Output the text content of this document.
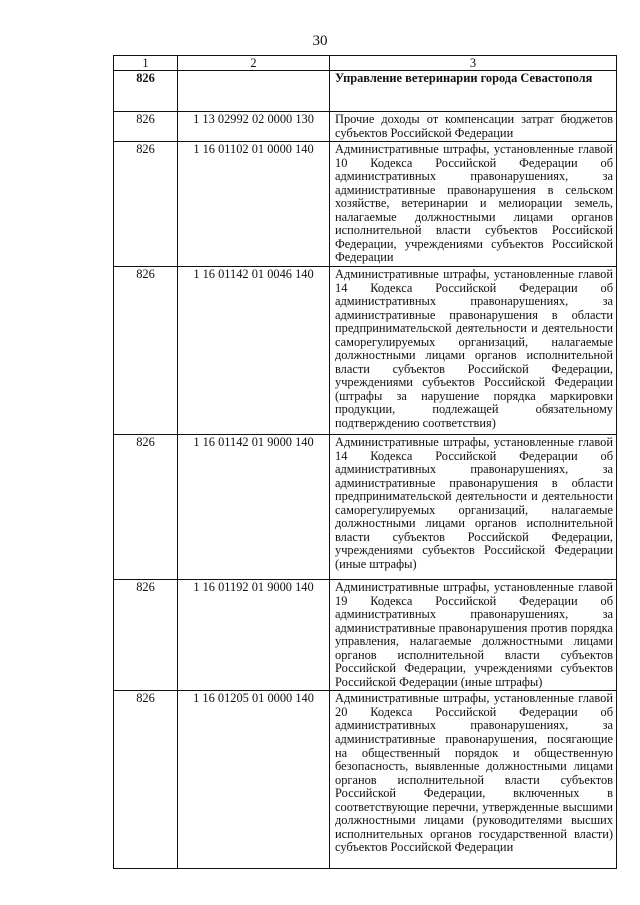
30
1	2	3
826		Управление ветеринарии города Севастополя
826	1 13 02992 02 0000 130	Прочие доходы от компенсации затрат бюджетов субъектов Российской Федерации
826	1 16 01102 01 0000 140	Административные штрафы, установленные главой 10 Кодекса Российской Федерации об административных правонарушениях, за административные правонарушения в сельском хозяйстве, ветеринарии и мелиорации земель, налагаемые должностными лицами органов исполнительной власти субъектов Российской Федерации, учреждениями субъектов Российской Федерации
826	1 16 01142 01 0046 140	Административные штрафы, установленные главой 14 Кодекса Российской Федерации об административных правонарушениях, за административные правонарушения в области предпринимательской деятельности и деятельности саморегулируемых организаций, налагаемые должностными лицами органов исполнительной власти субъектов Российской Федерации, учреждениями субъектов Российской Федерации (штрафы за нарушение порядка маркировки продукции, подлежащей обязательному подтверждению соответствия)
826	1 16 01142 01 9000 140	Административные штрафы, установленные главой 14 Кодекса Российской Федерации об административных правонарушениях, за административные правонарушения в области предпринимательской деятельности и деятельности саморегулируемых организаций, налагаемые должностными лицами органов исполнительной власти субъектов Российской Федерации, учреждениями субъектов Российской Федерации (иные штрафы)
826	1 16 01192 01 9000 140	Административные штрафы, установленные главой 19 Кодекса Российской Федерации об административных правонарушениях, за административные правонарушения против порядка управления, налагаемые должностными лицами органов исполнительной власти субъектов Российской Федерации, учреждениями субъектов Российской Федерации (иные штрафы)
826	1 16 01205 01 0000 140	Административные штрафы, установленные главой 20 Кодекса Российской Федерации об административных правонарушениях, за административные правонарушения, посягающие на общественный порядок и общественную безопасность, выявленные должностными лицами органов исполнительной власти субъектов Российской Федерации, включенных в соответствующие перечни, утвержденные высшими должностными лицами (руководителями высших исполнительных органов государственной власти) субъектов Российской Федерации
